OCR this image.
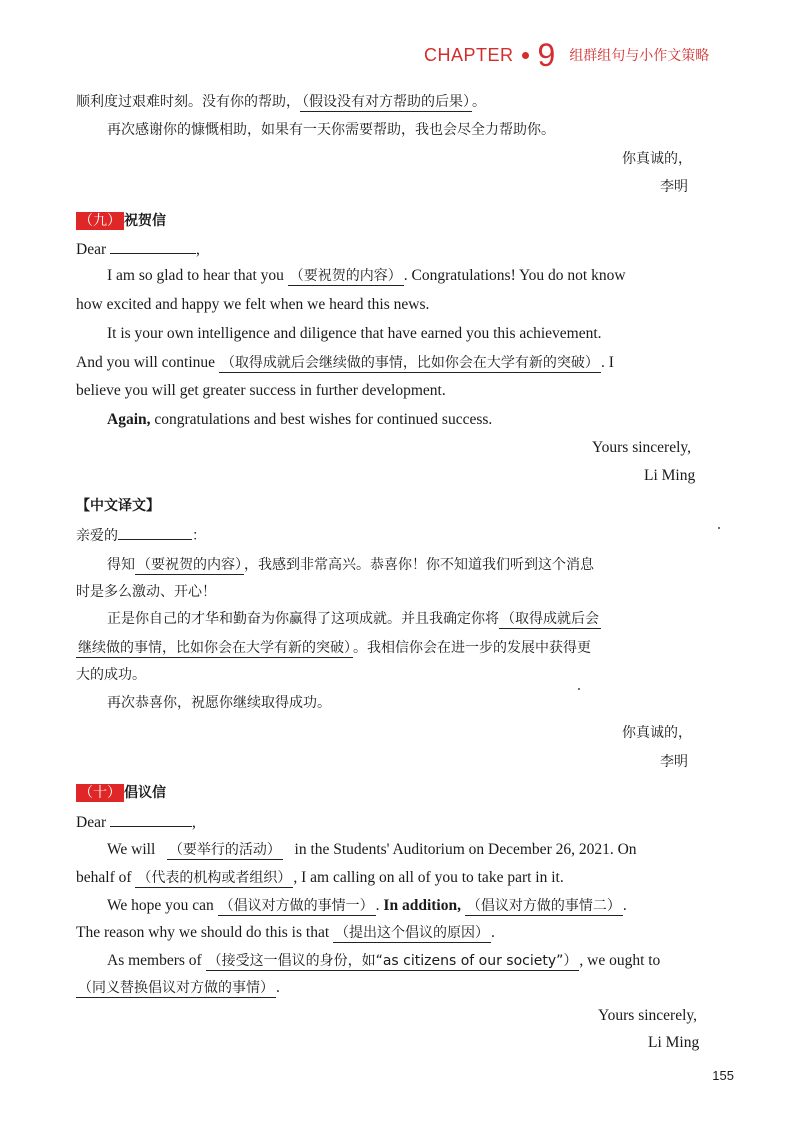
CHAPTER 9 组群组句与小作文策略
顺利度过艰难时刻。没有你的帮助， （假设没有对方帮助的后果） 。
再次感谢你的慷慨相助，如果有一天你需要帮助，我也会尽全力帮助你。
你真诚的，
李明
（九） 祝贺信
Dear	,
I am so glad to hear that you （要祝贺的内容） . Congratulations! You do not know
how excited and happy we felt when we heard this news.
It is your own intelligence and diligence that have earned you this achievement.
And you will continue （取得成就后会继续做的事情，比如你会在大学有新的突破） . I
believe you will get greater success in further development.
Again, congratulations and best wishes for continued success.
Yours sincerely,
Li Ming
【中文译文】
亲爱的	：
得知 （要祝贺的内容） ，我感到非常高兴。恭喜你！你不知道我们听到这个消息
时是多么激动、开心！
正是你自己的才华和勤奋为你赢得了这项成就。并且我确定你将 （取得成就后会
继续做的事情，比如你会在大学有新的突破） 。我相信你会在进一步的发展中获得更
大的成功。
再次恭喜你，祝愿你继续取得成功。
你真诚的，
李明
（十） 倡议信
Dear	,
We will （要举行的活动） in the Students' Auditorium on December 26, 2021. On
behalf of （代表的机构或者组织） , I am calling on all of you to take part in it.
We hope you can （倡议对方做的事情一） . In addition, （倡议对方做的事情二） .
The reason why we should do this is that （提出这个倡议的原因） .
As members of （接受这一倡议的身份，如“as citizens of our society”） , we ought to
（同义替换倡议对方做的事情） .
Yours sincerely,
Li Ming
155
